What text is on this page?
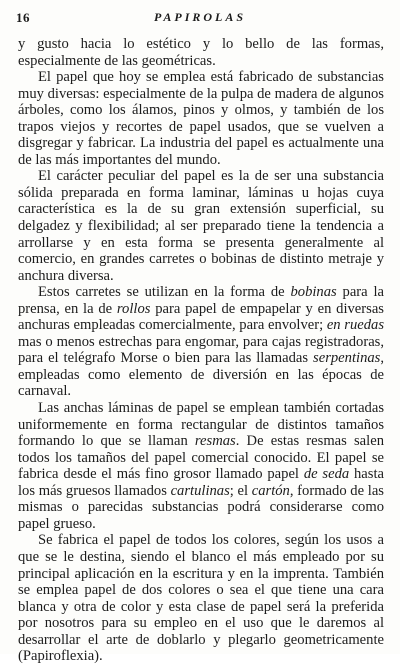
16	PAPIROLAS

y gusto hacia lo estético y lo bello de las formas, especialmente de las geométricas.

El papel que hoy se emplea está fabricado de substancias muy diversas: especialmente de la pulpa de madera de algunos árboles, como los álamos, pinos y olmos, y también de los trapos viejos y recortes de papel usados, que se vuelven a disgregar y fabricar. La industria del papel es actualmente una de las más importantes del mundo.

El carácter peculiar del papel es la de ser una substancia sólida preparada en forma laminar, láminas u hojas cuya característica es la de su gran extensión superficial, su delgadez y flexibilidad; al ser preparado tiene la tendencia a arrollarse y en esta forma se presenta generalmente al comercio, en grandes carretes o bobinas de distinto metraje y anchura diversa.

Estos carretes se utilizan en la forma de bobinas para la prensa, en la de rollos para papel de empapelar y en diversas anchuras empleadas comercialmente, para envolver; en ruedas mas o menos estrechas para engomar, para cajas registradoras, para el telégrafo Morse o bien para las llamadas serpentinas, empleadas como elemento de diversión en las épocas de carnaval.

Las anchas láminas de papel se emplean también cortadas uniformemente en forma rectangular de distintos tamaños formando lo que se llaman resmas. De estas resmas salen todos los tamaños del papel comercial conocido. El papel se fabrica desde el más fino grosor llamado papel de seda hasta los más gruesos llamados cartulinas; el cartón, formado de las mismas o parecidas substancias podrá considerarse como papel grueso.

Se fabrica el papel de todos los colores, según los usos a que se le destina, siendo el blanco el más empleado por su principal aplicación en la escritura y en la imprenta. También se emplea papel de dos colores o sea el que tiene una cara blanca y otra de color y esta clase de papel será la preferida por nosotros para su empleo en el uso que le daremos al desarrollar el arte de doblarlo y plegarlo geometricamente (Papiroflexia).
